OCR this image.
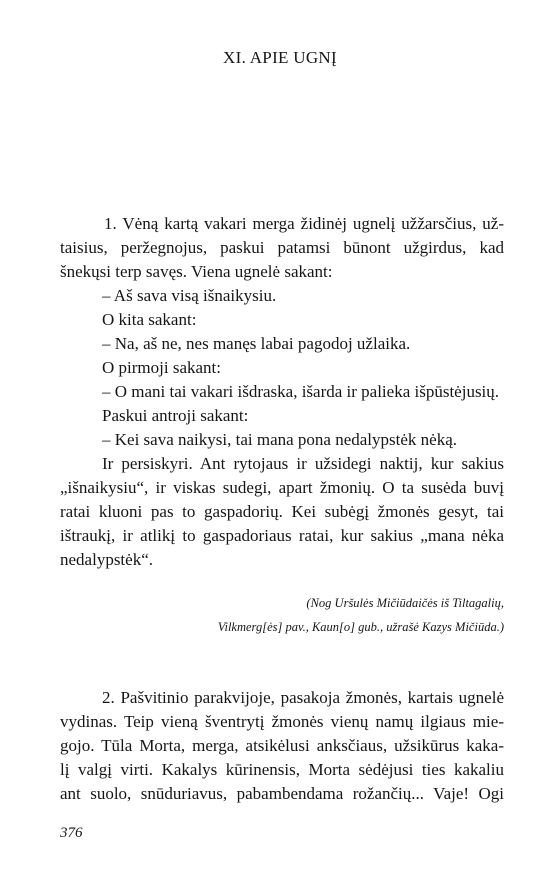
XI. APIE UGNĮ
1. Vėną kartą vakari merga židinėj ugnelį užžarsčius, už-
taisius, peržegnojus, paskui patamsi būnont užgirdus, kad
šnekųsi terp savęs. Viena ugnelė sakant:
– Aš sava visą išnaikysiu.
O kita sakant:
– Na, aš ne, nes manęs labai pagodoj užlaika.
O pirmoji sakant:
– O mani tai vakari išdraska, išarda ir palieka išpūstėjusių.
Paskui antroji sakant:
– Kei sava naikysi, tai mana pona nedalypstėk nėką.
Ir persiskyri. Ant rytojaus ir užsidegi naktij, kur sakius
„išnaikysiu“, ir viskas sudegi, apart žmonių. O ta susėda buvį
ratai kluoni pas to gaspadorių. Kei subėgį žmonės gesyt, tai
ištraukį, ir atlikį to gaspadoriaus ratai, kur sakius „mana nėka
nedalypstėk“.
(Nog Uršulės Mičiūdaičės iš Tiltagalių,
Vilkmerg[ės] pav., Kaun[o] gub., užrašė Kazys Mičiūda.)
2. Pašvitinio parakvijoje, pasakoja žmonės, kartais ugnelė
vydinas. Teip vieną šventrytį žmonės vienų namų ilgiaus mie-
gojo. Tūla Morta, merga, atsikėlusi anksčiaus, užsikūrus kaka-
lį valgį virti. Kakalys kūrinensis, Morta sėdėjusi ties kakaliu
ant suolo, snūduriavus, pabambendama rožančių... Vaje! Ogi
376
